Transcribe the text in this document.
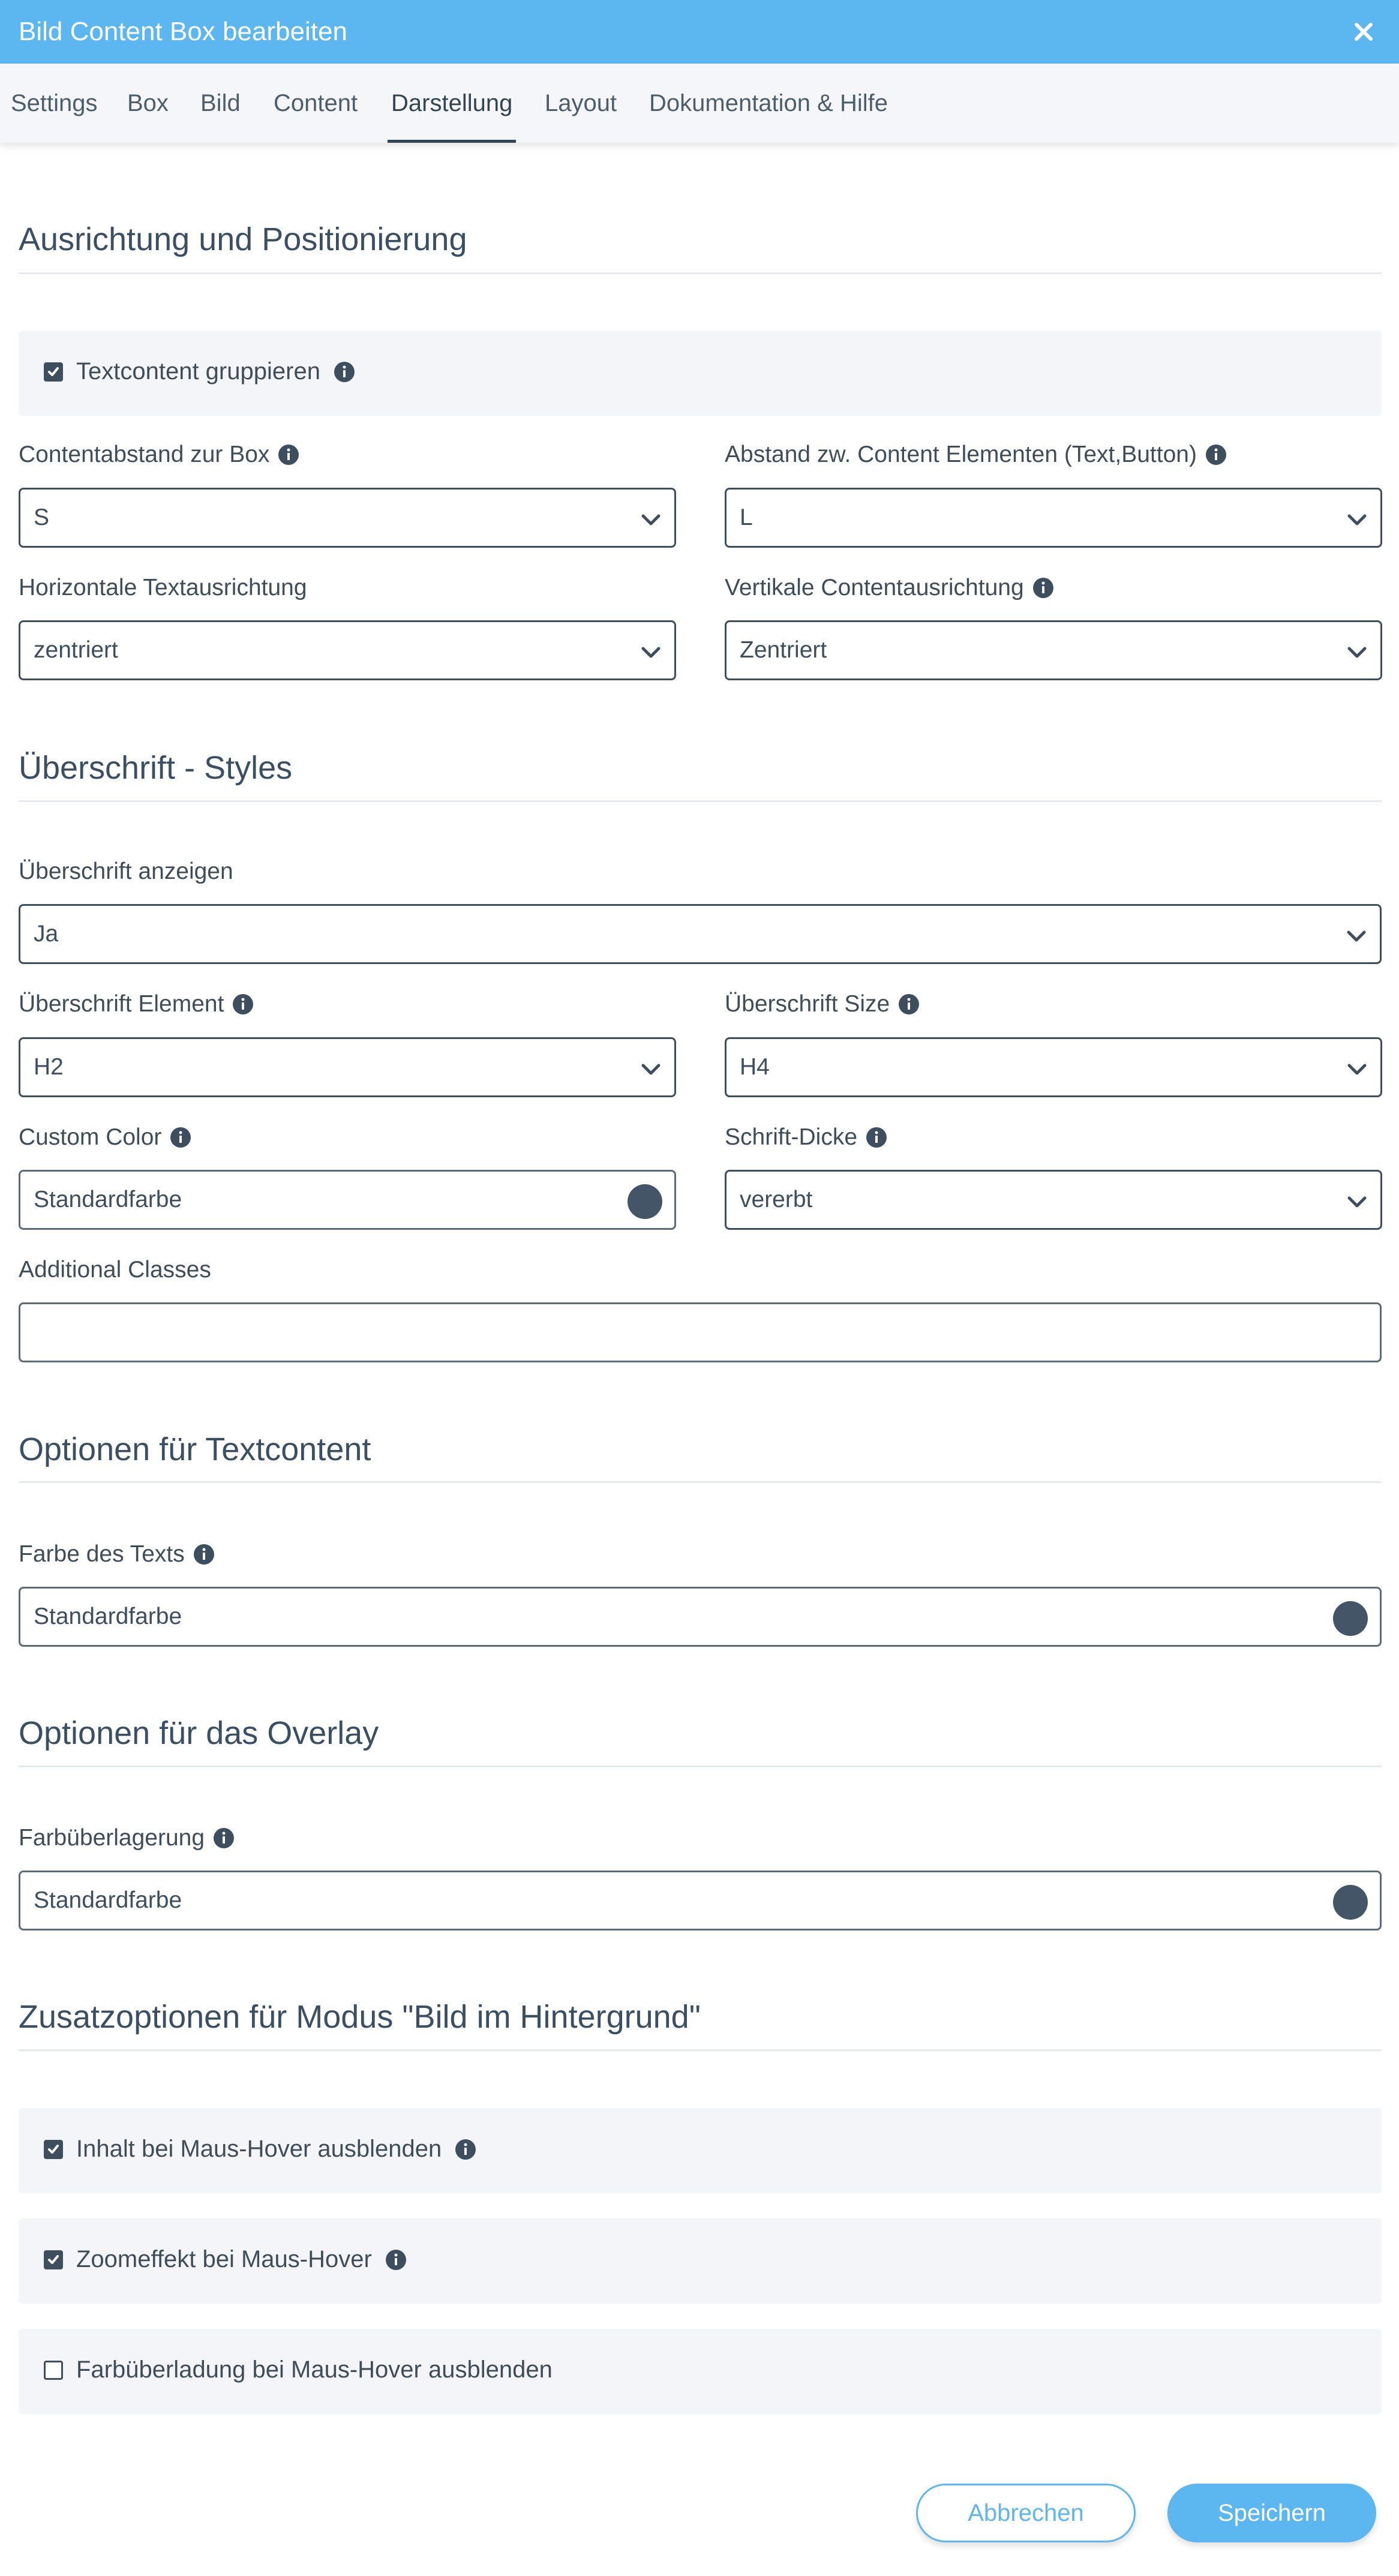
Bild Content Box bearbeiten
Settings Box Bild Content Darstellung Layout Dokumentation & Hilfe
Ausrichtung und Positionierung
Textcontent gruppieren
Contentabstand zur Box
S
Abstand zw. Content Elementen (Text,Button)
L
Horizontale Textausrichtung
zentriert
Vertikale Contentausrichtung
Zentriert
Überschrift - Styles
Überschrift anzeigen
Ja
Überschrift Element
H2
Überschrift Size
H4
Custom Color
Standardfarbe
Schrift-Dicke
vererbt
Additional Classes
Optionen für Textcontent
Farbe des Texts
Standardfarbe
Optionen für das Overlay
Farbüberlagerung
Standardfarbe
Zusatzoptionen für Modus "Bild im Hintergrund"
Inhalt bei Maus-Hover ausblenden
Zoomeffekt bei Maus-Hover
Farbüberladung bei Maus-Hover ausblenden
Abbrechen	Speichern
